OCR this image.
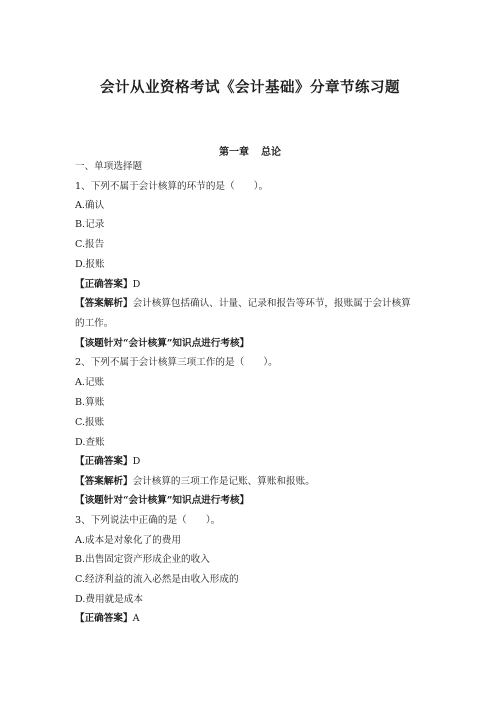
会计从业资格考试《会计基础》分章节练习题
第一章 总论
一、单项选择题
1、下列不属于会计核算的环节的是（　　）。
A.确认
B.记录
C.报告
D.报账
【正确答案】D
【答案解析】会计核算包括确认、计量、记录和报告等环节，报账属于会计核算
的工作。
【该题针对“会计核算”知识点进行考核】
2、下列不属于会计核算三项工作的是（　　）。
A.记账
B.算账
C.报账
D.查账
【正确答案】D
【答案解析】会计核算的三项工作是记账、算账和报账。
【该题针对“会计核算”知识点进行考核】
3、下列说法中正确的是（　　）。
A.成本是对象化了的费用
B.出售固定资产形成企业的收入
C.经济利益的流入必然是由收入形成的
D.费用就是成本
【正确答案】A
